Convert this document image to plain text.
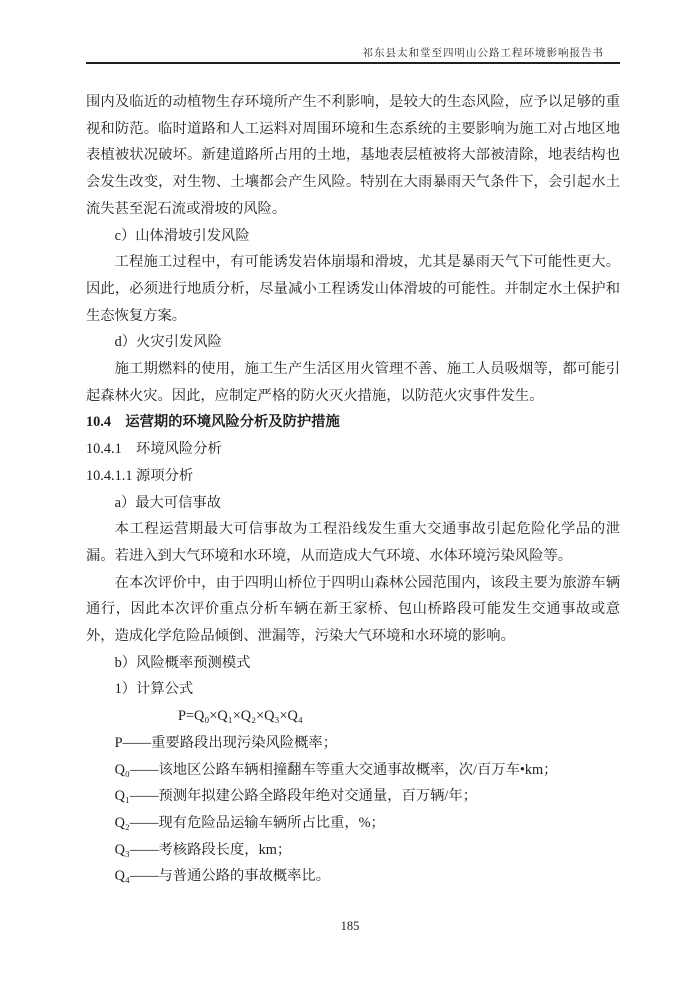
祁东县太和堂至四明山公路工程环境影响报告书

围内及临近的动植物生存环境所产生不利影响，是较大的生态风险，应予以足够的重视和防范。临时道路和人工运料对周围环境和生态系统的主要影响为施工对占地区地表植被状况破坏。新建道路所占用的土地，基地表层植被将大部被清除，地表结构也会发生改变，对生物、土壤都会产生风险。特别在大雨暴雨天气条件下，会引起水土流失甚至泥石流或滑坡的风险。

c）山体滑坡引发风险

工程施工过程中，有可能诱发岩体崩塌和滑坡，尤其是暴雨天气下可能性更大。因此，必须进行地质分析，尽量减小工程诱发山体滑坡的可能性。并制定水土保护和生态恢复方案。

d）火灾引发风险

施工期燃料的使用，施工生产生活区用火管理不善、施工人员吸烟等，都可能引起森林火灾。因此，应制定严格的防火灭火措施，以防范火灾事件发生。

10.4　运营期的环境风险分析及防护措施

10.4.1　环境风险分析

10.4.1.1 源项分析

a）最大可信事故

本工程运营期最大可信事故为工程沿线发生重大交通事故引起危险化学品的泄漏。若进入到大气环境和水环境，从而造成大气环境、水体环境污染风险等。

在本次评价中，由于四明山桥位于四明山森林公园范围内，该段主要为旅游车辆通行，因此本次评价重点分析车辆在新王家桥、包山桥路段可能发生交通事故或意外，造成化学危险品倾倒、泄漏等，污染大气环境和水环境的影响。

b）风险概率预测模式

1）计算公式

P=Q₀×Q₁×Q₂×Q₃×Q₄

P——重要路段出现污染风险概率；

Q₀——该地区公路车辆相撞翻车等重大交通事故概率，次/百万车•km；

Q₁——预测年拟建公路全路段年绝对交通量，百万辆/年；

Q₂——现有危险品运输车辆所占比重，%；

Q₃——考核路段长度，km；

Q₄——与普通公路的事故概率比。

185
